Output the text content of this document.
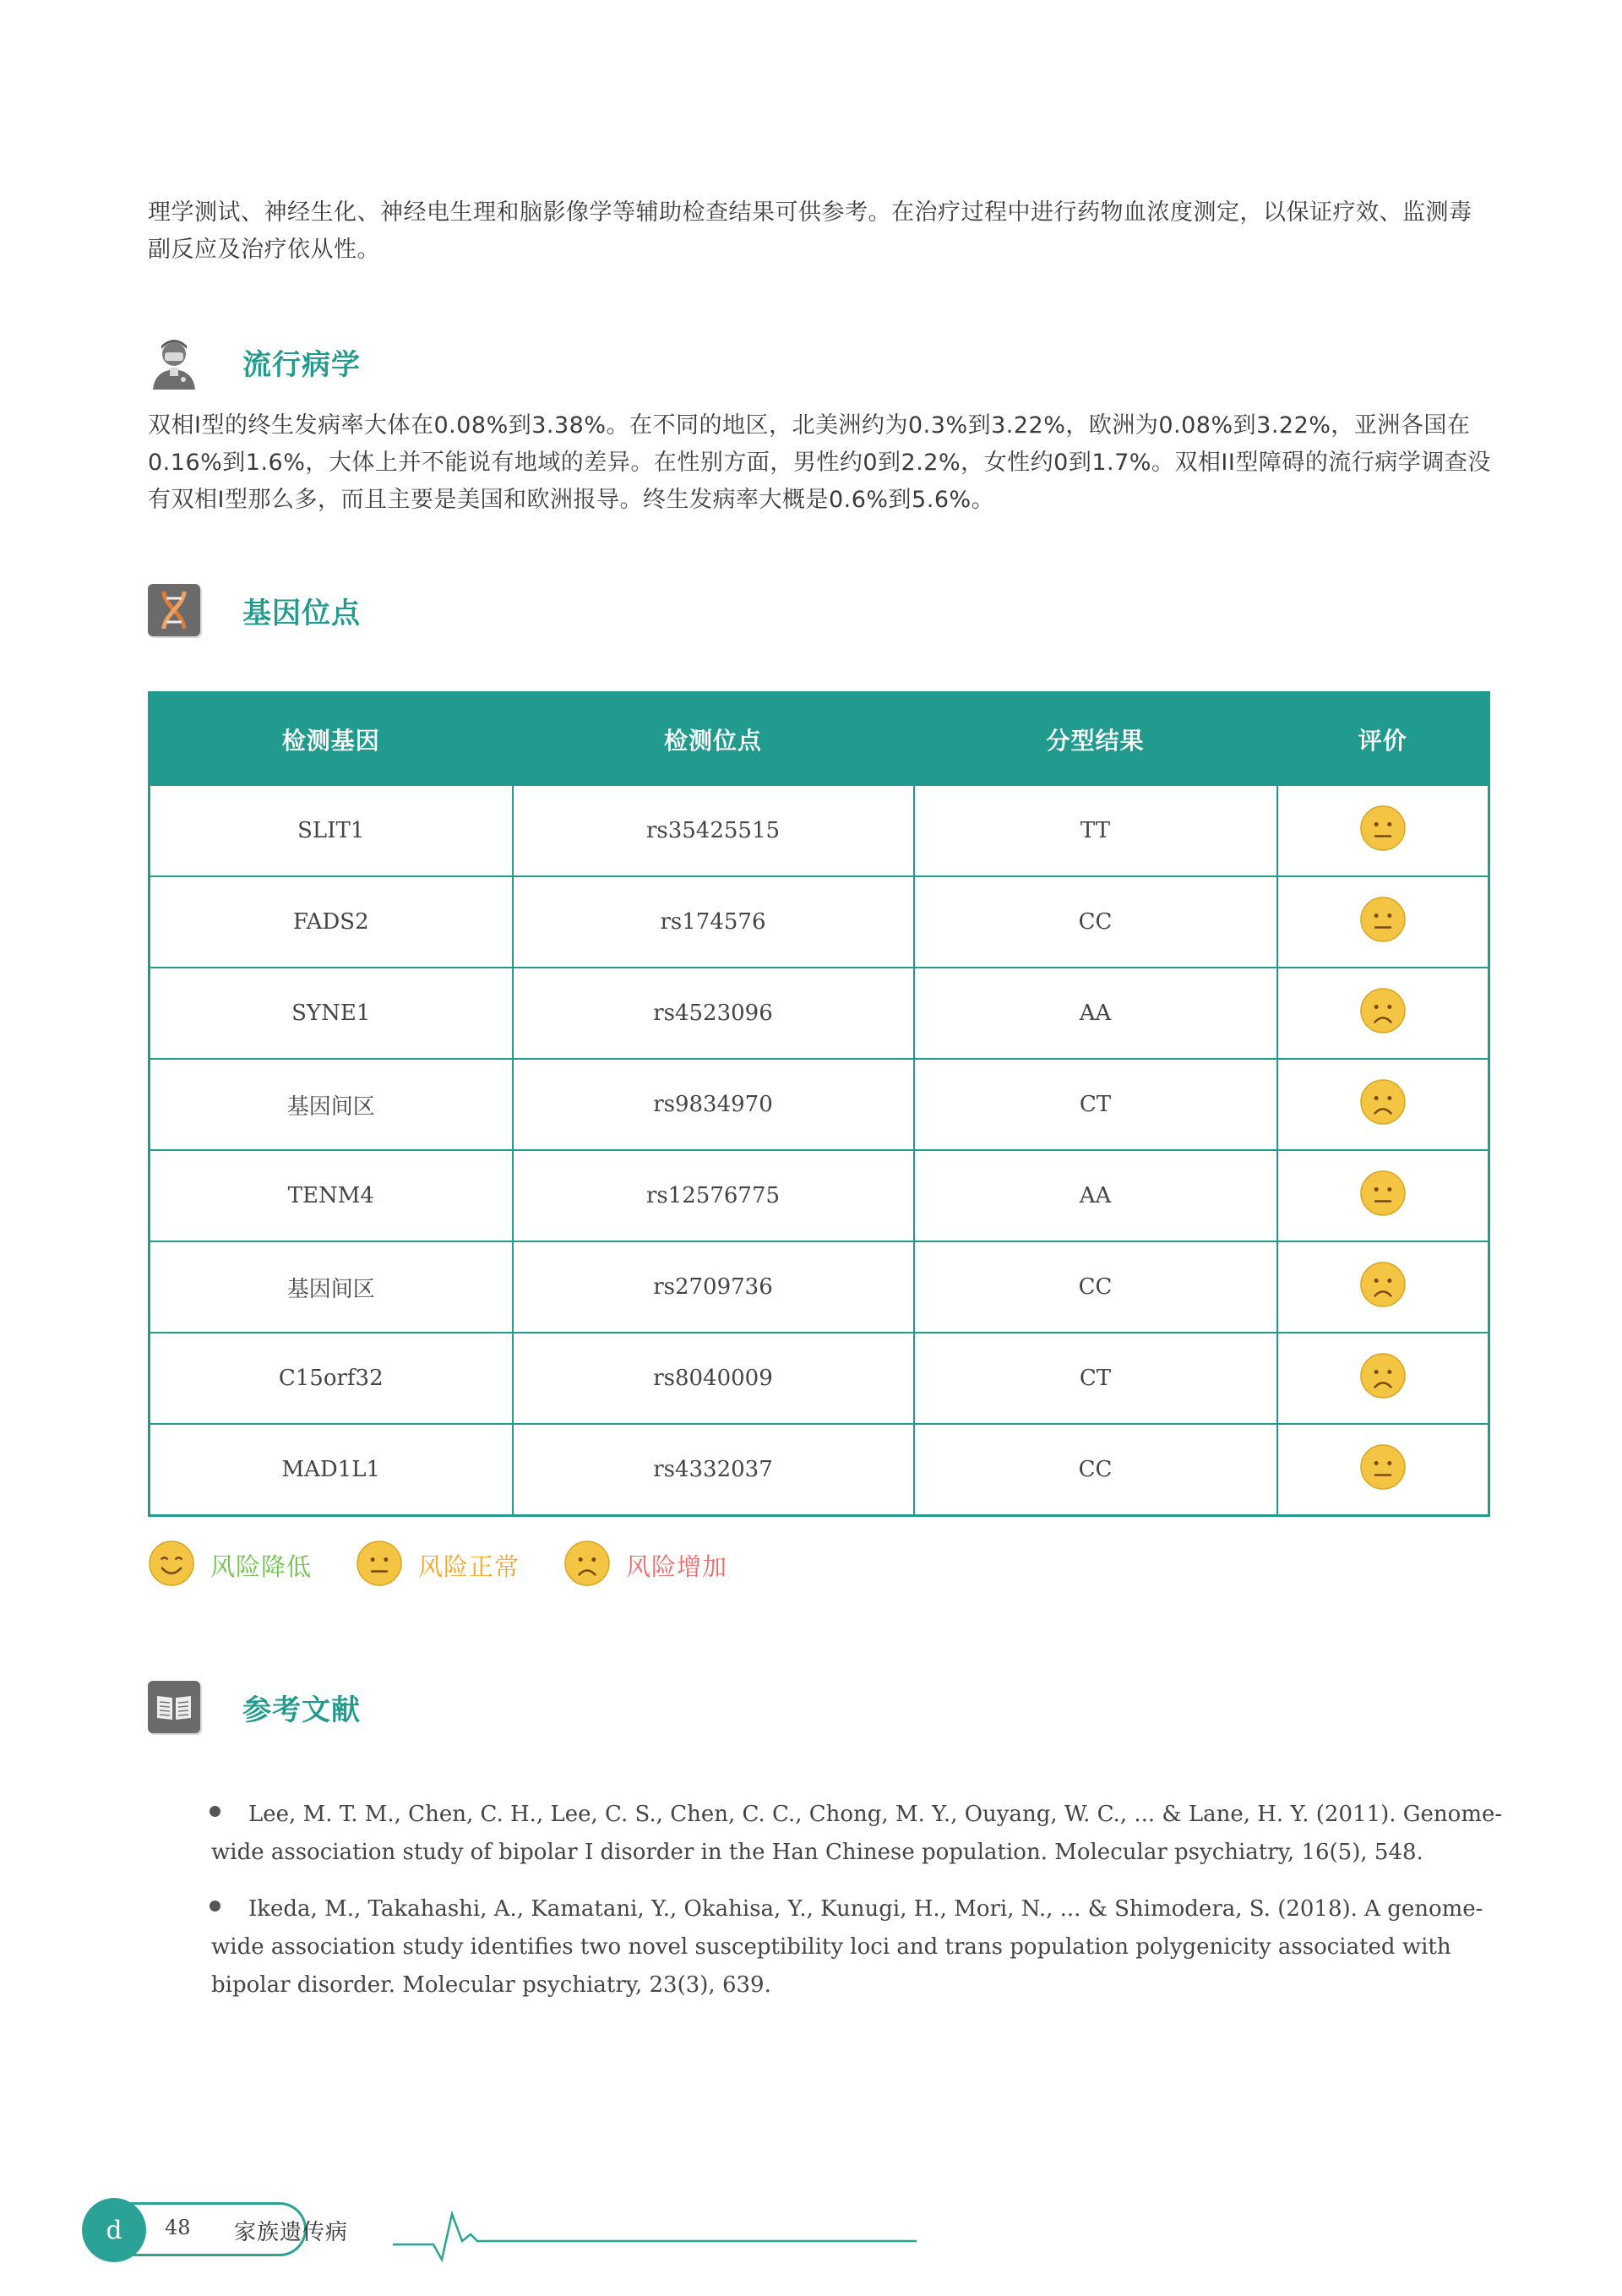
理学测试、神经生化、神经电生理和脑影像学等辅助检查结果可供参考。在治疗过程中进行药物血浓度测定，以保证疗效、监测毒副反应及治疗依从性。

流行病学

双相I型的终生发病率大体在0.08%到3.38%。在不同的地区，北美洲约为0.3%到3.22%，欧洲为0.08%到3.22%，亚洲各国在0.16%到1.6%，大体上并不能说有地域的差异。在性别方面，男性约0到2.2%，女性约0到1.7%。双相II型障碍的流行病学调查没有双相I型那么多，而且主要是美国和欧洲报导。终生发病率大概是0.6%到5.6%。

基因位点
检测基因	检测位点	分型结果	评价
SLIT1	rs35425515	TT	
FADS2	rs174576	CC	
SYNE1	rs4523096	AA	
基因间区	rs9834970	CT	
TENM4	rs12576775	AA	
基因间区	rs2709736	CC	
C15orf32	rs8040009	CT	
MAD1L1	rs4332037	CC	
风险降低	风险正常	风险增加
参考文献

Lee, M. T. M., Chen, C. H., Lee, C. S., Chen, C. C., Chong, M. Y., Ouyang, W. C., ... & Lane, H. Y. (2011). Genome-wide association study of bipolar I disorder in the Han Chinese population. Molecular psychiatry, 16(5), 548.

Ikeda, M., Takahashi, A., Kamatani, Y., Okahisa, Y., Kunugi, H., Mori, N., ... & Shimodera, S. (2018). A genome-wide association study identifies two novel susceptibility loci and trans population polygenicity associated with bipolar disorder. Molecular psychiatry, 23(3), 639.

d	48 家族遗传病
